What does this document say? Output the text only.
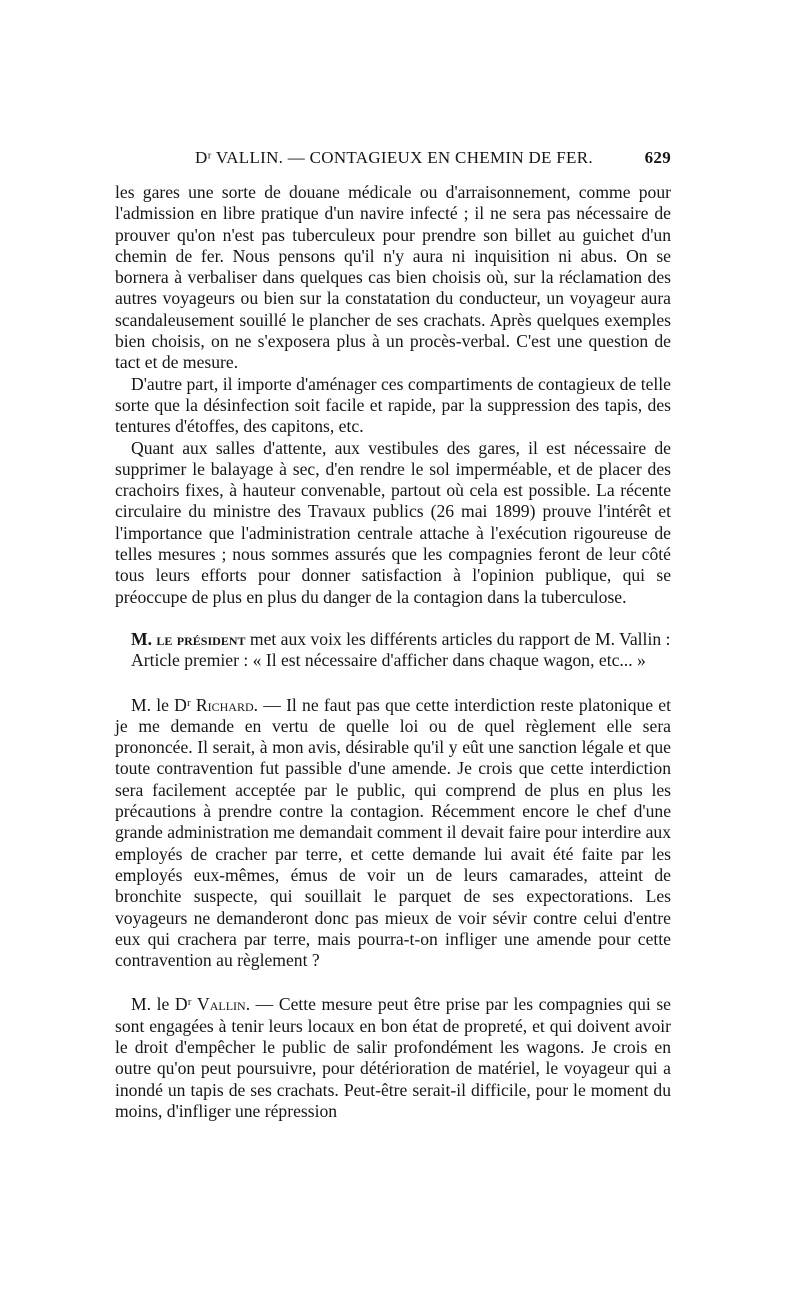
Dʳ VALLIN. — CONTAGIEUX EN CHEMIN DE FER.	629

les gares une sorte de douane médicale ou d'arraisonnement, comme pour l'admission en libre pratique d'un navire infecté ; il ne sera pas nécessaire de prouver qu'on n'est pas tuberculeux pour prendre son billet au guichet d'un chemin de fer. Nous pensons qu'il n'y aura ni inquisition ni abus. On se bornera à verbaliser dans quelques cas bien choisis où, sur la réclamation des autres voyageurs ou bien sur la constatation du conducteur, un voyageur aura scandaleusement souillé le plancher de ses crachats. Après quelques exemples bien choisis, on ne s'exposera plus à un procès-verbal. C'est une question de tact et de mesure.

D'autre part, il importe d'aménager ces compartiments de contagieux de telle sorte que la désinfection soit facile et rapide, par la suppression des tapis, des tentures d'étoffes, des capitons, etc.

Quant aux salles d'attente, aux vestibules des gares, il est nécessaire de supprimer le balayage à sec, d'en rendre le sol imperméable, et de placer des crachoirs fixes, à hauteur convenable, partout où cela est possible. La récente circulaire du ministre des Travaux publics (26 mai 1899) prouve l'intérêt et l'importance que l'administration centrale attache à l'exécution rigoureuse de telles mesures ; nous sommes assurés que les compagnies feront de leur côté tous leurs efforts pour donner satisfaction à l'opinion publique, qui se préoccupe de plus en plus du danger de la contagion dans la tuberculose.

M. le président met aux voix les différents articles du rapport de M. Vallin :

Article premier : « Il est nécessaire d'afficher dans chaque wagon, etc... »

M. le Dʳ Richard. — Il ne faut pas que cette interdiction reste platonique et je me demande en vertu de quelle loi ou de quel règlement elle sera prononcée. Il serait, à mon avis, désirable qu'il y eût une sanction légale et que toute contravention fut passible d'une amende. Je crois que cette interdiction sera facilement acceptée par le public, qui comprend de plus en plus les précautions à prendre contre la contagion. Récemment encore le chef d'une grande administration me demandait comment il devait faire pour interdire aux employés de cracher par terre, et cette demande lui avait été faite par les employés eux-mêmes, émus de voir un de leurs camarades, atteint de bronchite suspecte, qui souillait le parquet de ses expectorations. Les voyageurs ne demanderont donc pas mieux de voir sévir contre celui d'entre eux qui crachera par terre, mais pourra-t-on infliger une amende pour cette contravention au règlement ?

M. le Dʳ Vallin. — Cette mesure peut être prise par les compagnies qui se sont engagées à tenir leurs locaux en bon état de propreté, et qui doivent avoir le droit d'empêcher le public de salir profondément les wagons. Je crois en outre qu'on peut poursuivre, pour détérioration de matériel, le voyageur qui a inondé un tapis de ses crachats. Peut-être serait-il difficile, pour le moment du moins, d'infliger une répression
